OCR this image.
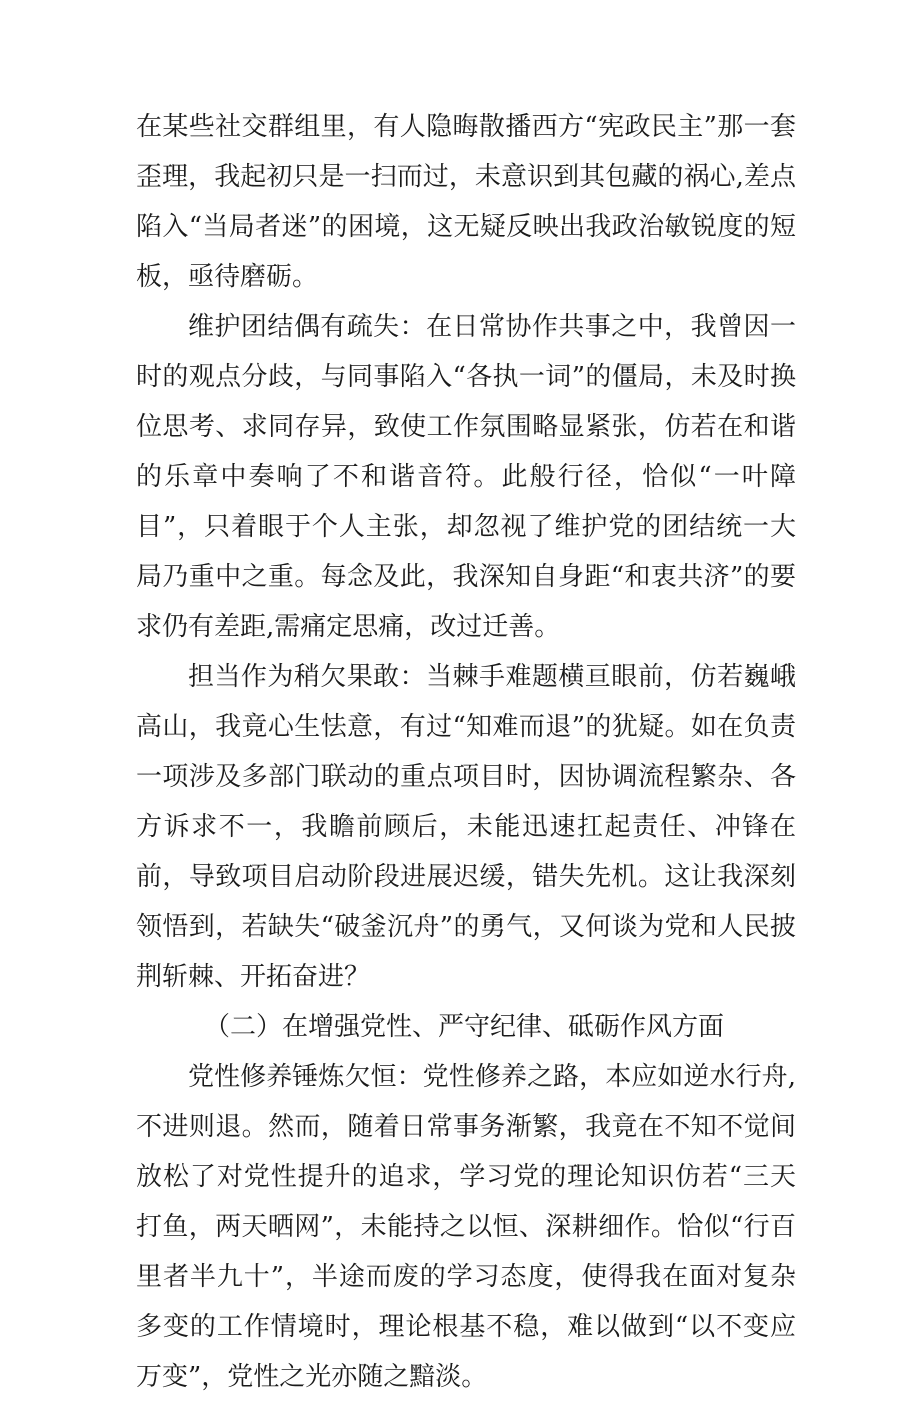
在某些社交群组里，有人隐晦散播西方“宪政民主”那一套歪理，我起初只是一扫而过，未意识到其包藏的祸心,差点陷入“当局者迷”的困境，这无疑反映出我政治敏锐度的短板，亟待磨砺。

维护团结偶有疏失：在日常协作共事之中，我曾因一时的观点分歧，与同事陷入“各执一词”的僵局，未及时换位思考、求同存异，致使工作氛围略显紧张，仿若在和谐的乐章中奏响了不和谐音符。此般行径，恰似“一叶障目”，只着眼于个人主张，却忽视了维护党的团结统一大局乃重中之重。每念及此，我深知自身距“和衷共济”的要求仍有差距,需痛定思痛，改过迁善。

担当作为稍欠果敢：当棘手难题横亘眼前，仿若巍峨高山，我竟心生怯意，有过“知难而退”的犹疑。如在负责一项涉及多部门联动的重点项目时，因协调流程繁杂、各方诉求不一，我瞻前顾后，未能迅速扛起责任、冲锋在前，导致项目启动阶段进展迟缓，错失先机。这让我深刻领悟到，若缺失“破釜沉舟”的勇气，又何谈为党和人民披荆斩棘、开拓奋进？

（二）在增强党性、严守纪律、砥砺作风方面

党性修养锤炼欠恒：党性修养之路，本应如逆水行舟,不进则退。然而，随着日常事务渐繁，我竟在不知不觉间放松了对党性提升的追求，学习党的理论知识仿若“三天打鱼，两天晒网”，未能持之以恒、深耕细作。恰似“行百里者半九十”，半途而废的学习态度，使得我在面对复杂多变的工作情境时，理论根基不稳，难以做到“以不变应万变”，党性之光亦随之黯淡。
